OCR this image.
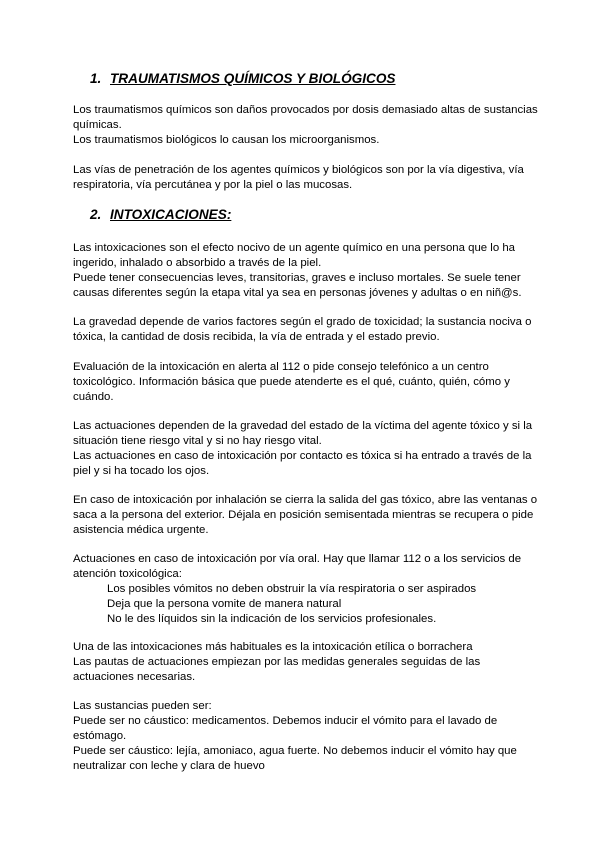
1. TRAUMATISMOS QUÍMICOS Y BIOLÓGICOS
Los traumatismos químicos son daños provocados por dosis demasiado altas de sustancias
químicas.
Los traumatismos biológicos lo causan los microorganismos.
Las vías de penetración de los agentes químicos y biológicos son por la vía digestiva, vía
respiratoria, vía percutánea y por la piel o las mucosas.
2. INTOXICACIONES:
Las intoxicaciones son el efecto nocivo de un agente químico en una persona que lo ha
ingerido, inhalado o absorbido a través de la piel.
Puede tener consecuencias leves, transitorias, graves e incluso mortales. Se suele tener
causas diferentes según la etapa vital ya sea en personas jóvenes y adultas o en niñ@s.
La gravedad depende de varios factores según el grado de toxicidad; la sustancia nociva o
tóxica, la cantidad de dosis recibida, la vía de entrada y el estado previo.
Evaluación de la intoxicación en alerta al 112 o pide consejo telefónico a un centro
toxicológico. Información básica que puede atenderte es el qué, cuánto, quién, cómo y
cuándo.
Las actuaciones dependen de la gravedad del estado de la víctima del agente tóxico y si la
situación tiene riesgo vital y si no hay riesgo vital.
Las actuaciones en caso de intoxicación por contacto es tóxica si ha entrado a través de la
piel y si ha tocado los ojos.
En caso de intoxicación por inhalación se cierra la salida del gas tóxico, abre las ventanas o
saca a la persona del exterior. Déjala en posición semisentada mientras se recupera o pide
asistencia médica urgente.
Actuaciones en caso de intoxicación por vía oral. Hay que llamar 112 o a los servicios de
atención toxicológica:
Los posibles vómitos no deben obstruir la vía respiratoria o ser aspirados
Deja que la persona vomite de manera natural
No le des líquidos sin la indicación de los servicios profesionales.
Una de las intoxicaciones más habituales es la intoxicación etílica o borrachera
Las pautas de actuaciones empiezan por las medidas generales seguidas de las
actuaciones necesarias.
Las sustancias pueden ser:
Puede ser no cáustico: medicamentos. Debemos inducir el vómito para el lavado de
estómago.
Puede ser cáustico: lejía, amoniaco, agua fuerte. No debemos inducir el vómito hay que
neutralizar con leche y clara de huevo
